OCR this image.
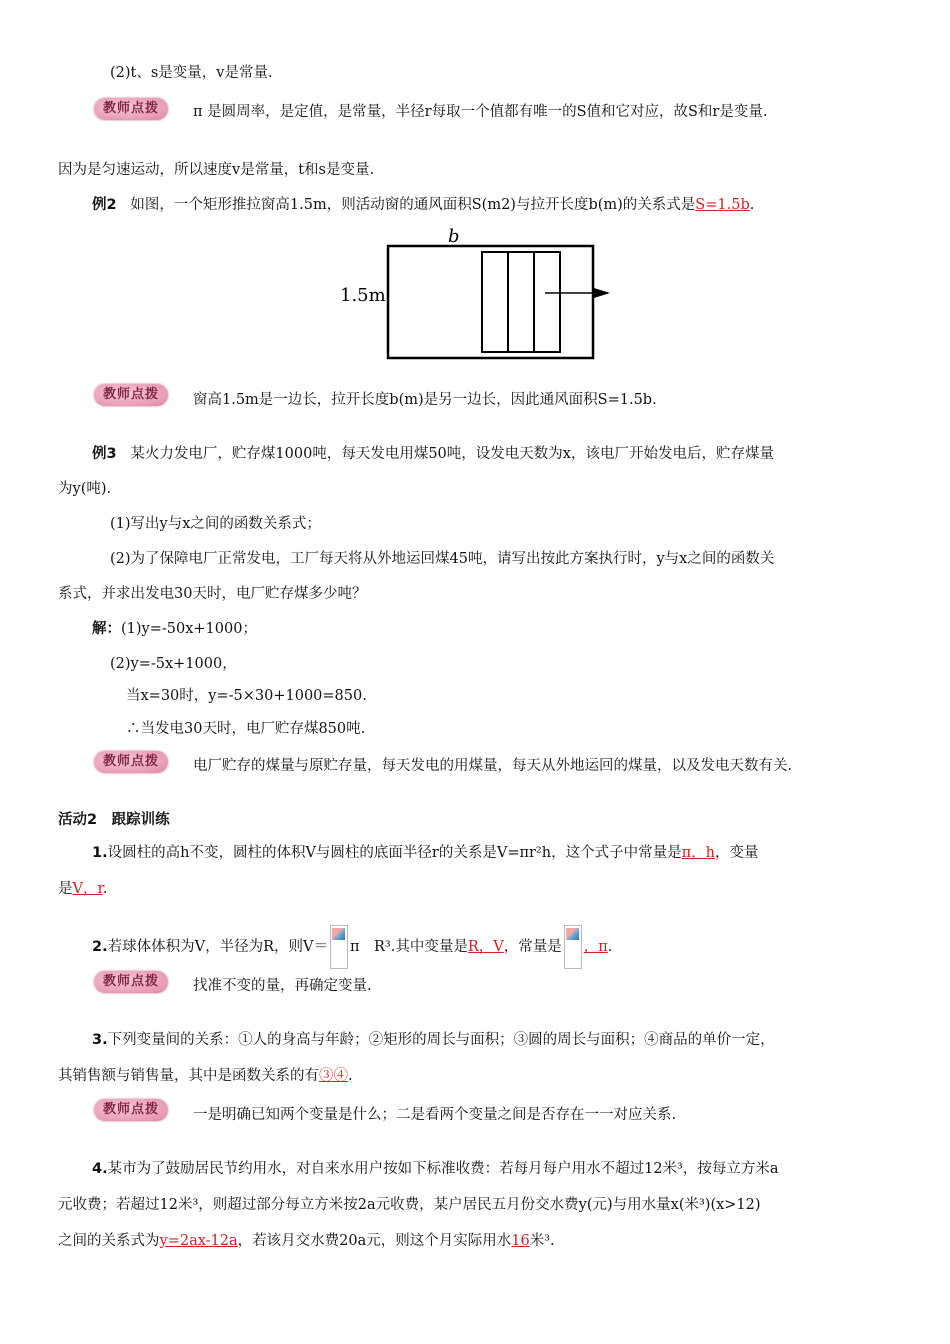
(2)t、s是变量，v是常量.
教师点拨	π 是圆周率，是定值，是常量，半径r每取一个值都有唯一的S值和它对应，故S和r是变量.
因为是匀速运动，所以速度v是常量，t和s是变量.
例2 如图，一个矩形推拉窗高1.5m，则活动窗的通风面积S(m2)与拉开长度b(m)的关系式是S=1.5b.
b
1.5m
教师点拨	窗高1.5m是一边长，拉开长度b(m)是另一边长，因此通风面积S=1.5b.
例3 某火力发电厂，贮存煤1000吨，每天发电用煤50吨，设发电天数为x，该电厂开始发电后，贮存煤量
为y(吨).
(1)写出y与x之间的函数关系式；
(2)为了保障电厂正常发电，工厂每天将从外地运回煤45吨，请写出按此方案执行时，y与x之间的函数关
系式，并求出发电30天时，电厂贮存煤多少吨？
解：(1)y=-50x+1000；
(2)y=-5x+1000，
当x=30时，y=-5×30+1000=850.
∴当发电30天时，电厂贮存煤850吨.
教师点拨	电厂贮存的煤量与原贮存量，每天发电的用煤量，每天从外地运回的煤量，以及发电天数有关.
活动2　跟踪训练
1.设圆柱的高h不变，圆柱的体积V与圆柱的底面半径r的关系是V=πr²h，这个式子中常量是π，h，变量
是V，r.
2.若球体体积为V，半径为R，则V＝ π　R³.其中变量是R，V，常量是 ，π.
教师点拨	找准不变的量，再确定变量.
3.下列变量间的关系：①人的身高与年龄；②矩形的周长与面积；③圆的周长与面积；④商品的单价一定，
其销售额与销售量，其中是函数关系的有③④.
教师点拨	一是明确已知两个变量是什么；二是看两个变量之间是否存在一一对应关系.
4.某市为了鼓励居民节约用水，对自来水用户按如下标准收费：若每月每户用水不超过12米³，按每立方米a
元收费；若超过12米³，则超过部分每立方米按2a元收费，某户居民五月份交水费y(元)与用水量x(米³)(x>12)
之间的关系式为y=2ax-12a，若该月交水费20a元，则这个月实际用水16米³.
